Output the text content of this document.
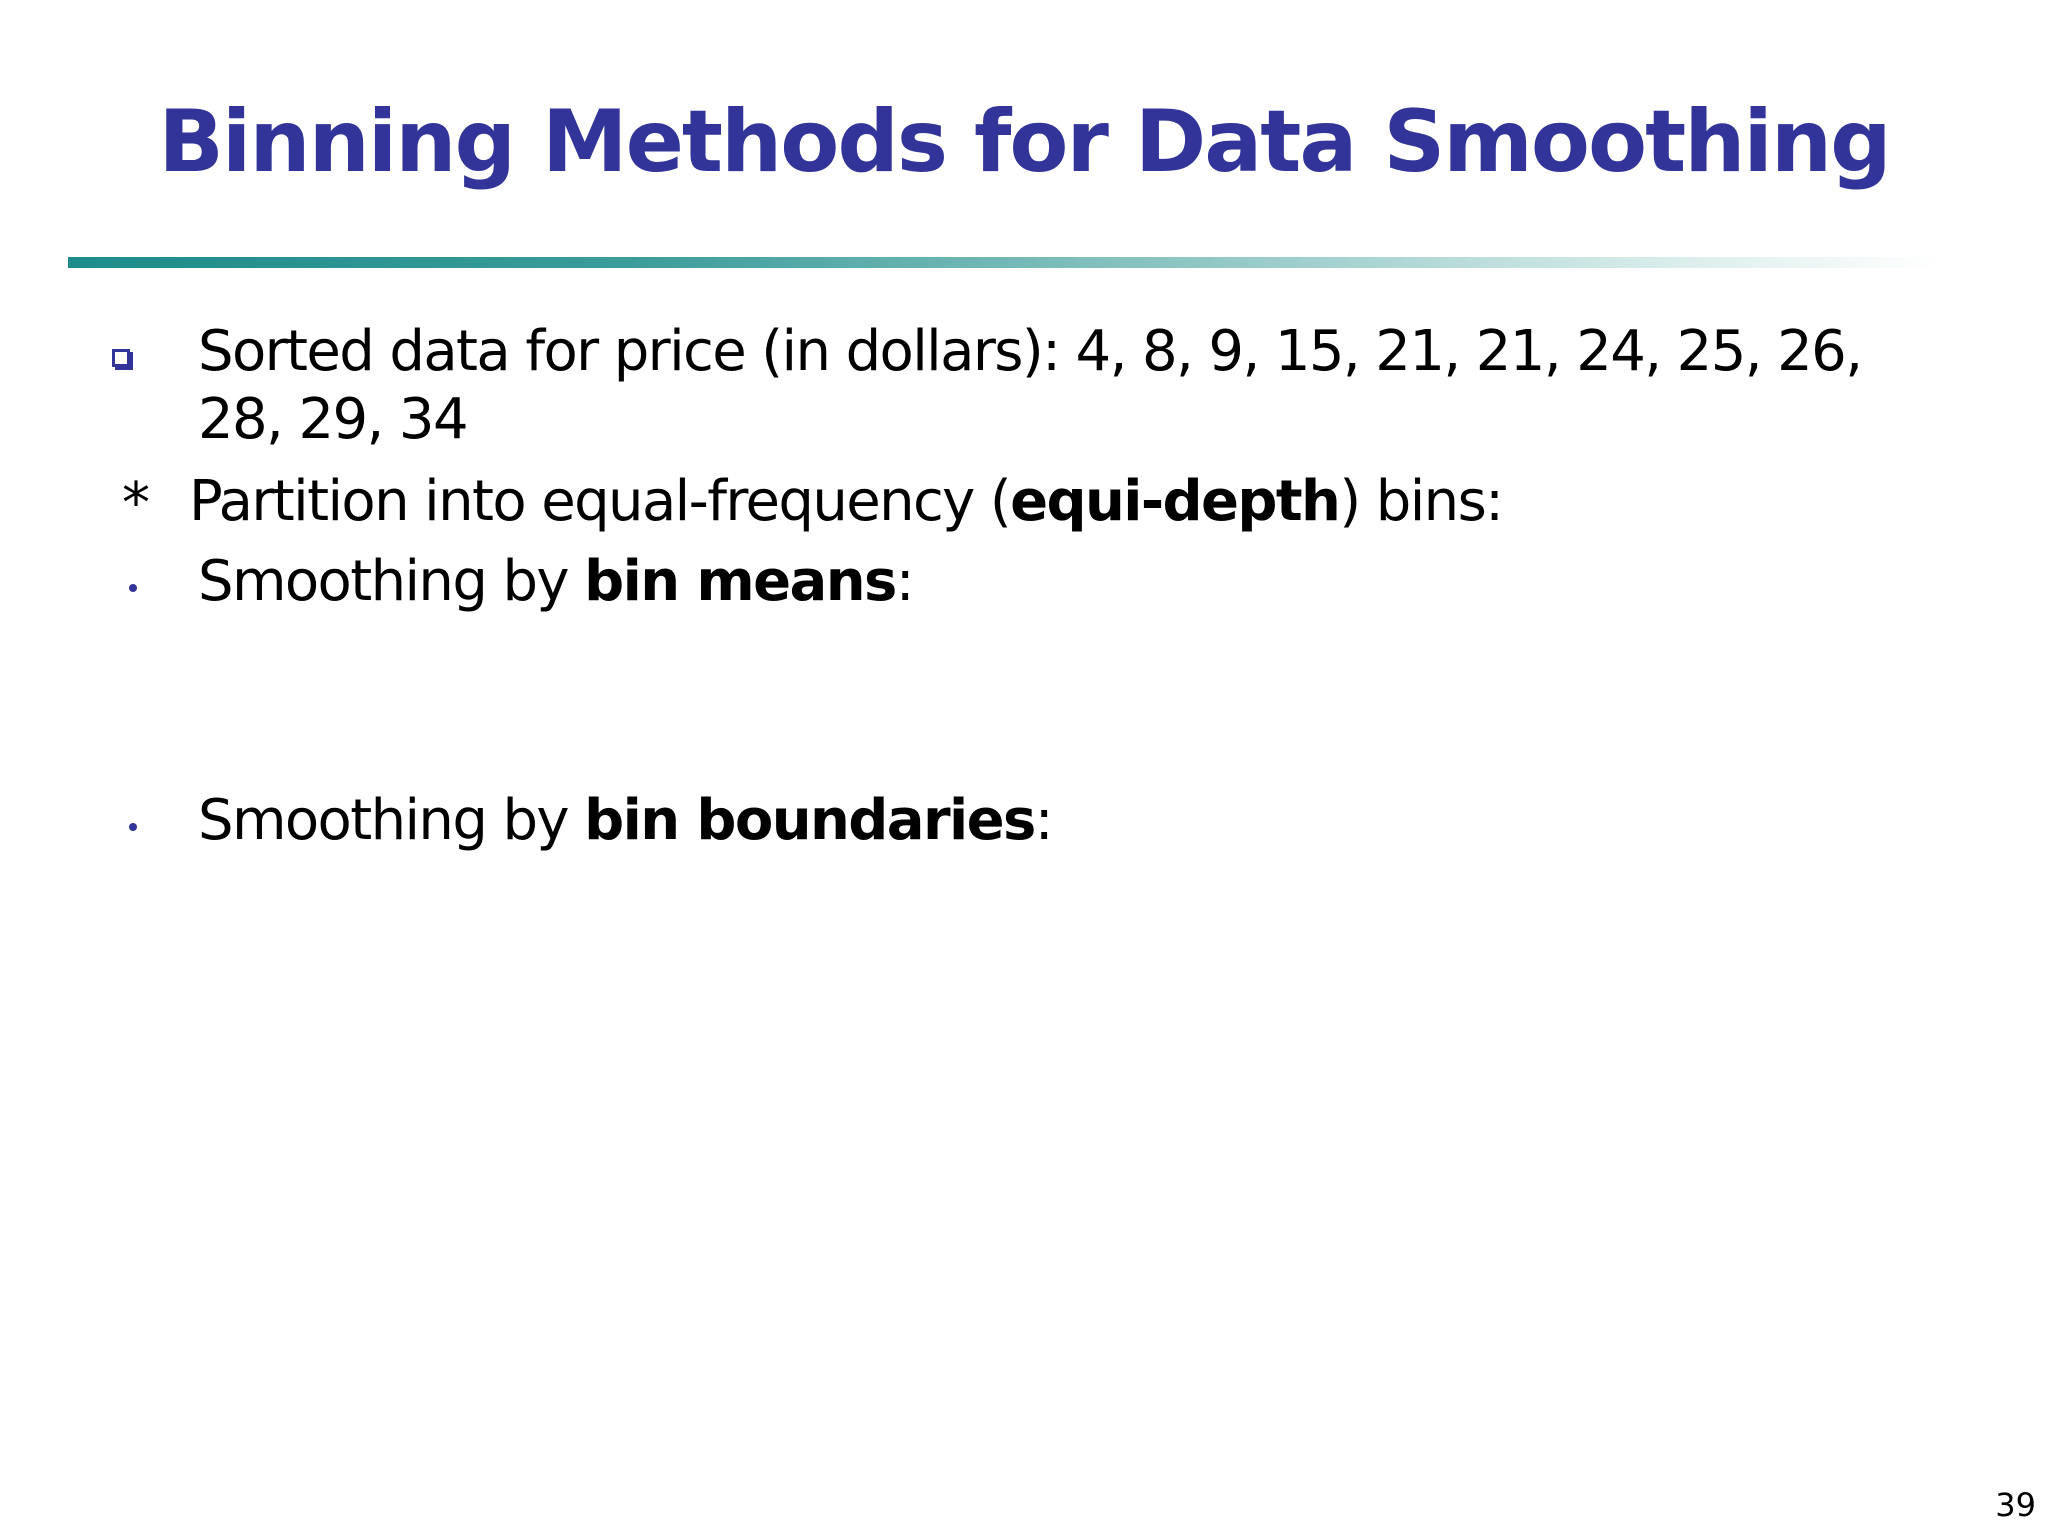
Binning Methods for Data Smoothing
Sorted data for price (in dollars): 4, 8, 9, 15, 21, 21, 24, 25, 26,
28, 29, 34
* Partition into equal-frequency (equi-depth) bins:
Smoothing by bin means:
Smoothing by bin boundaries:
39
